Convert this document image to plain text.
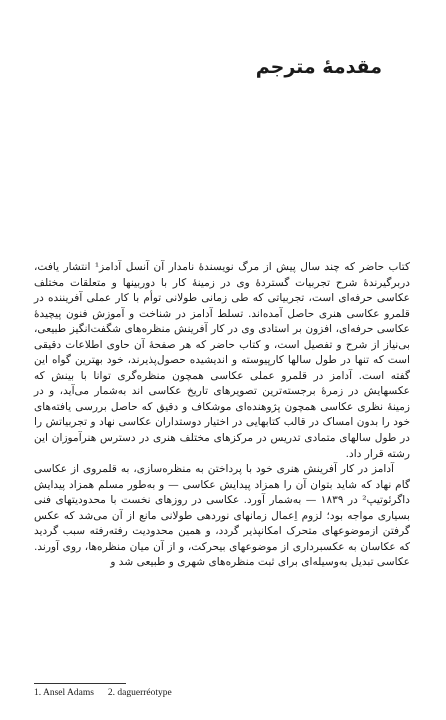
مقدمهٔ مترجم

کتاب حاضر که چند سال پیش از مرگ نویسندهٔ نامدار آن آنسل آدامز¹ انتشار یافت، دربرگیرندهٔ شرح تجربیات گستردهٔ وی در زمینهٔ کار با دوربینها و متعلقات مختلف عکاسی حرفه‌ای است، تجربیاتی که طی زمانی طولانی توأم با کار عملی آفریننده در قلمرو عکاسی هنری حاصل آمده‌اند. تسلط آدامز در شناخت و آموزش فنون پیچیدهٔ عکاسی حرفه‌ای، افزون بر استادی وی در کار آفرینش منظره‌های شگفت‌انگیز طبیعی، بی‌نیاز از شرح و تفصیل است، و کتاب حاضر که هر صفحهٔ آن حاوی اطلاعات دقیقی است که تنها در طول سالها کارپیوسته و اندیشیده حصول‌پذیرند، خود بهترین گواه این گفته است. آدامز در قلمرو عملی عکاسی همچون منظره‌گری توانا با بینش که عکسهایش در زمرهٔ برجسته‌ترین تصویرهای تاریخ عکاسی اند به‌شمار می‌آید، و در زمینهٔ نظری عکاسی همچون پژوهنده‌ای موشکاف و دقیق که حاصل بررسی یافته‌های خود را بدون امساک در قالب کتابهایی در اختیار دوستداران عکاسی نهاد و تجربیاتش را در طول سالهای متمادی تدریس در مرکزهای مختلف هنری در دسترس هنرآموزان این رشته قرار داد.

آدامز در کار آفرینش هنری خود با پرداختن به منظره‌سازی، به قلمروی از عکاسی گام نهاد که شاید بتوان آن را همزاد پیدایش عکاسی — و به‌طور مسلم همزاد پیدایش داگرئوتیپ² در ۱۸۳۹ — به‌شمار آورد. عکاسی در روزهای نخست با محدودیتهای فنی بسیاری مواجه بود؛ لزوم اِعمال زمانهای نوردهی طولانی مانع از آن می‌شد که عکس گرفتن ازموضوعهای متحرک امکانپذیر گردد، و همین محدودیت رفته‌رفته سبب گردید که عکاسان به عکسبرداری از موضوعهای بیحرکت، و از آن میان منظره‌ها، روی آورند. عکاسی تبدیل به‌وسیله‌ای برای ثبت منظره‌های شهری و طبیعی شد و

1. Ansel Adams 2. daguerréotype
